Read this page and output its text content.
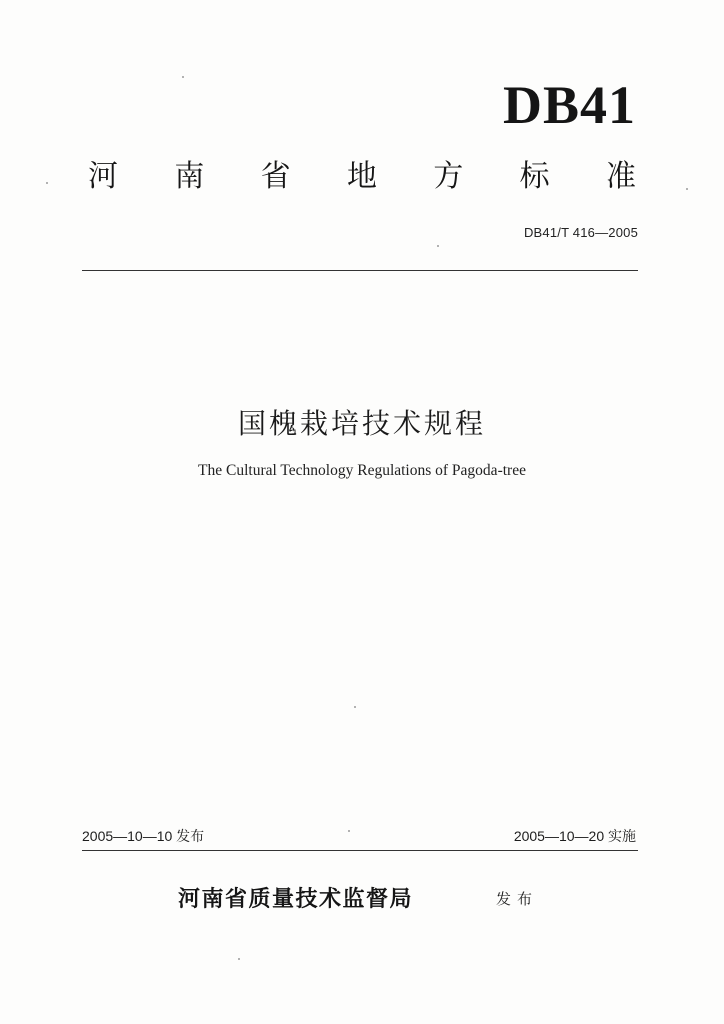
DB41
河 南 省 地 方 标 准
DB41/T 416—2005
国槐栽培技术规程
The Cultural Technology Regulations of Pagoda-tree
2005—10—10 发布	2005—10—20 实施
河南省质量技术监督局	发布
